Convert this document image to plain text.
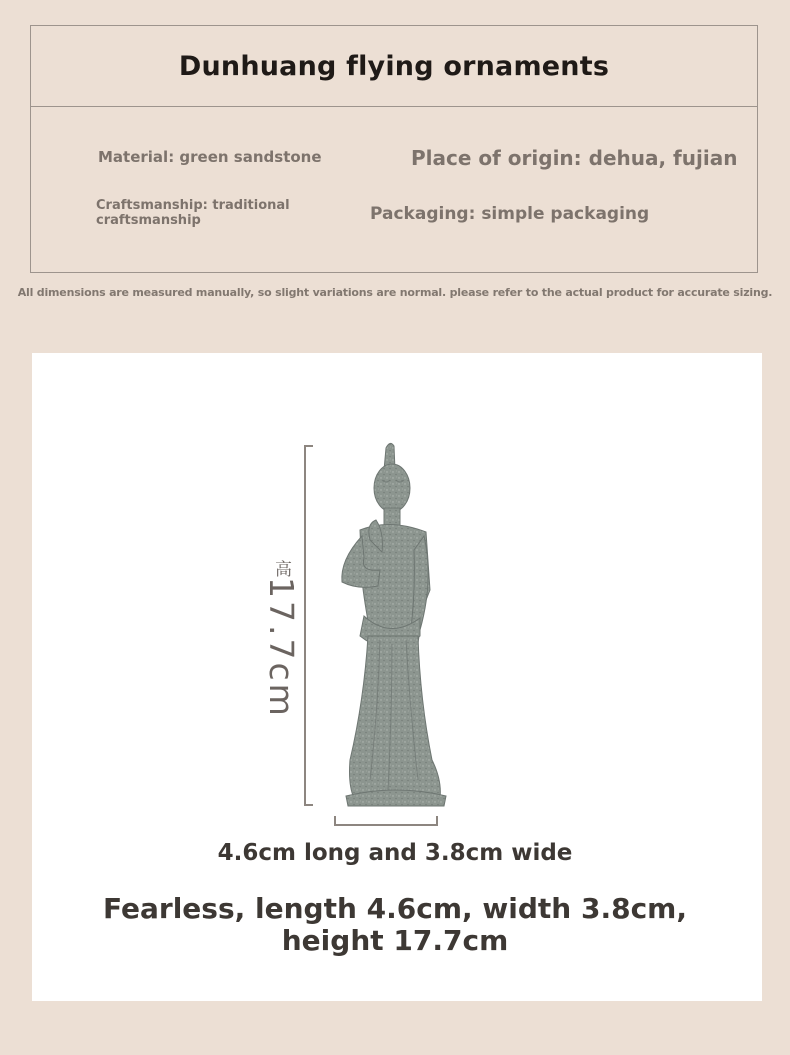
Dunhuang flying ornaments
Material: green sandstone	Place of origin: dehua, fujian
Craftsmanship: traditional craftsmanship	Packaging: simple packaging
All dimensions are measured manually, so slight variations are normal. please refer to the actual product for accurate sizing.
高17.7cm
4.6cm long and 3.8cm wide
Fearless, length 4.6cm, width 3.8cm, height 17.7cm
